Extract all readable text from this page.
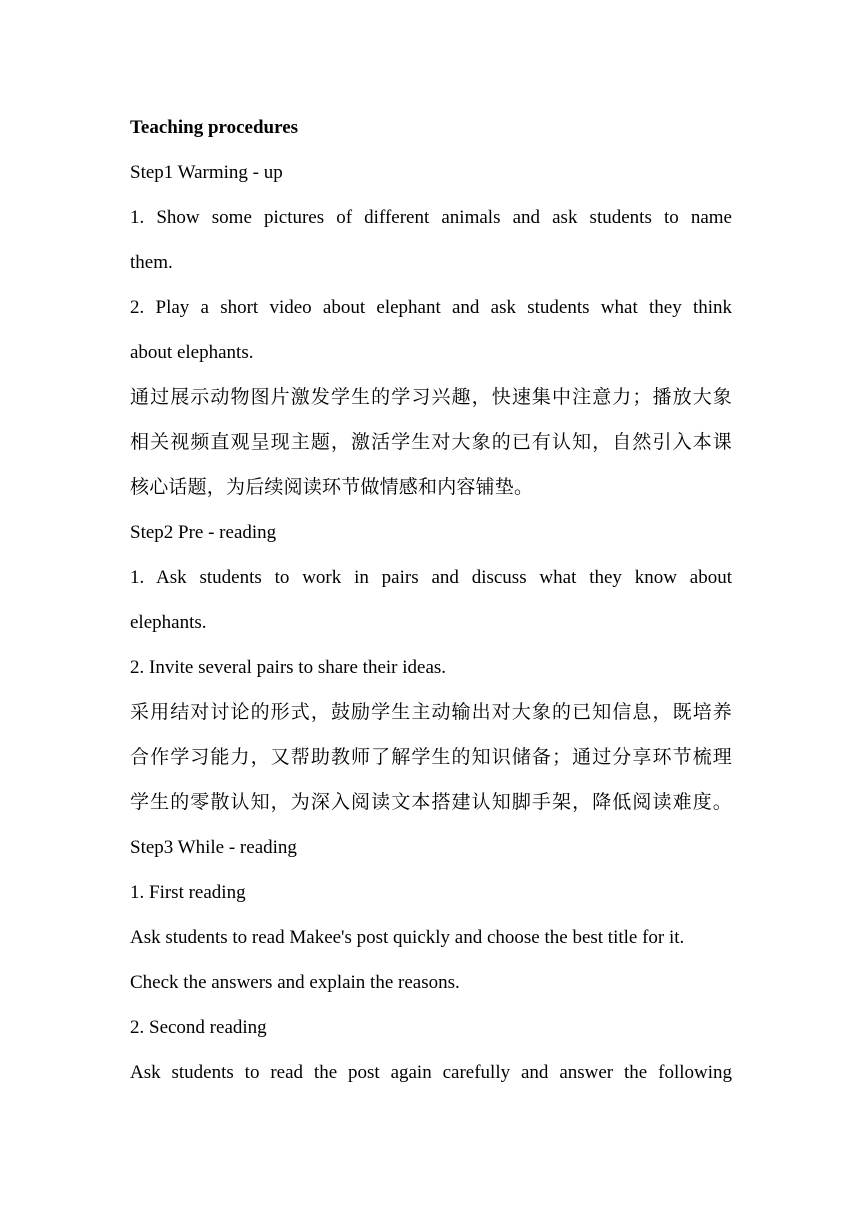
Teaching procedures
Step1 Warming - up
1. Show some pictures of different animals and ask students to name
them.
2. Play a short video about elephant and ask students what they think
about elephants.
通过展示动物图片激发学生的学习兴趣，快速集中注意力；播放大象
相关视频直观呈现主题，激活学生对大象的已有认知，自然引入本课
核心话题，为后续阅读环节做情感和内容铺垫。
Step2 Pre - reading
1. Ask students to work in pairs and discuss what they know about
elephants.
2. Invite several pairs to share their ideas.
采用结对讨论的形式，鼓励学生主动输出对大象的已知信息，既培养
合作学习能力，又帮助教师了解学生的知识储备；通过分享环节梳理
学生的零散认知，为深入阅读文本搭建认知脚手架，降低阅读难度。
Step3 While - reading
1. First reading
Ask students to read Makee's post quickly and choose the best title for it.
Check the answers and explain the reasons.
2. Second reading
Ask students to read the post again carefully and answer the following
